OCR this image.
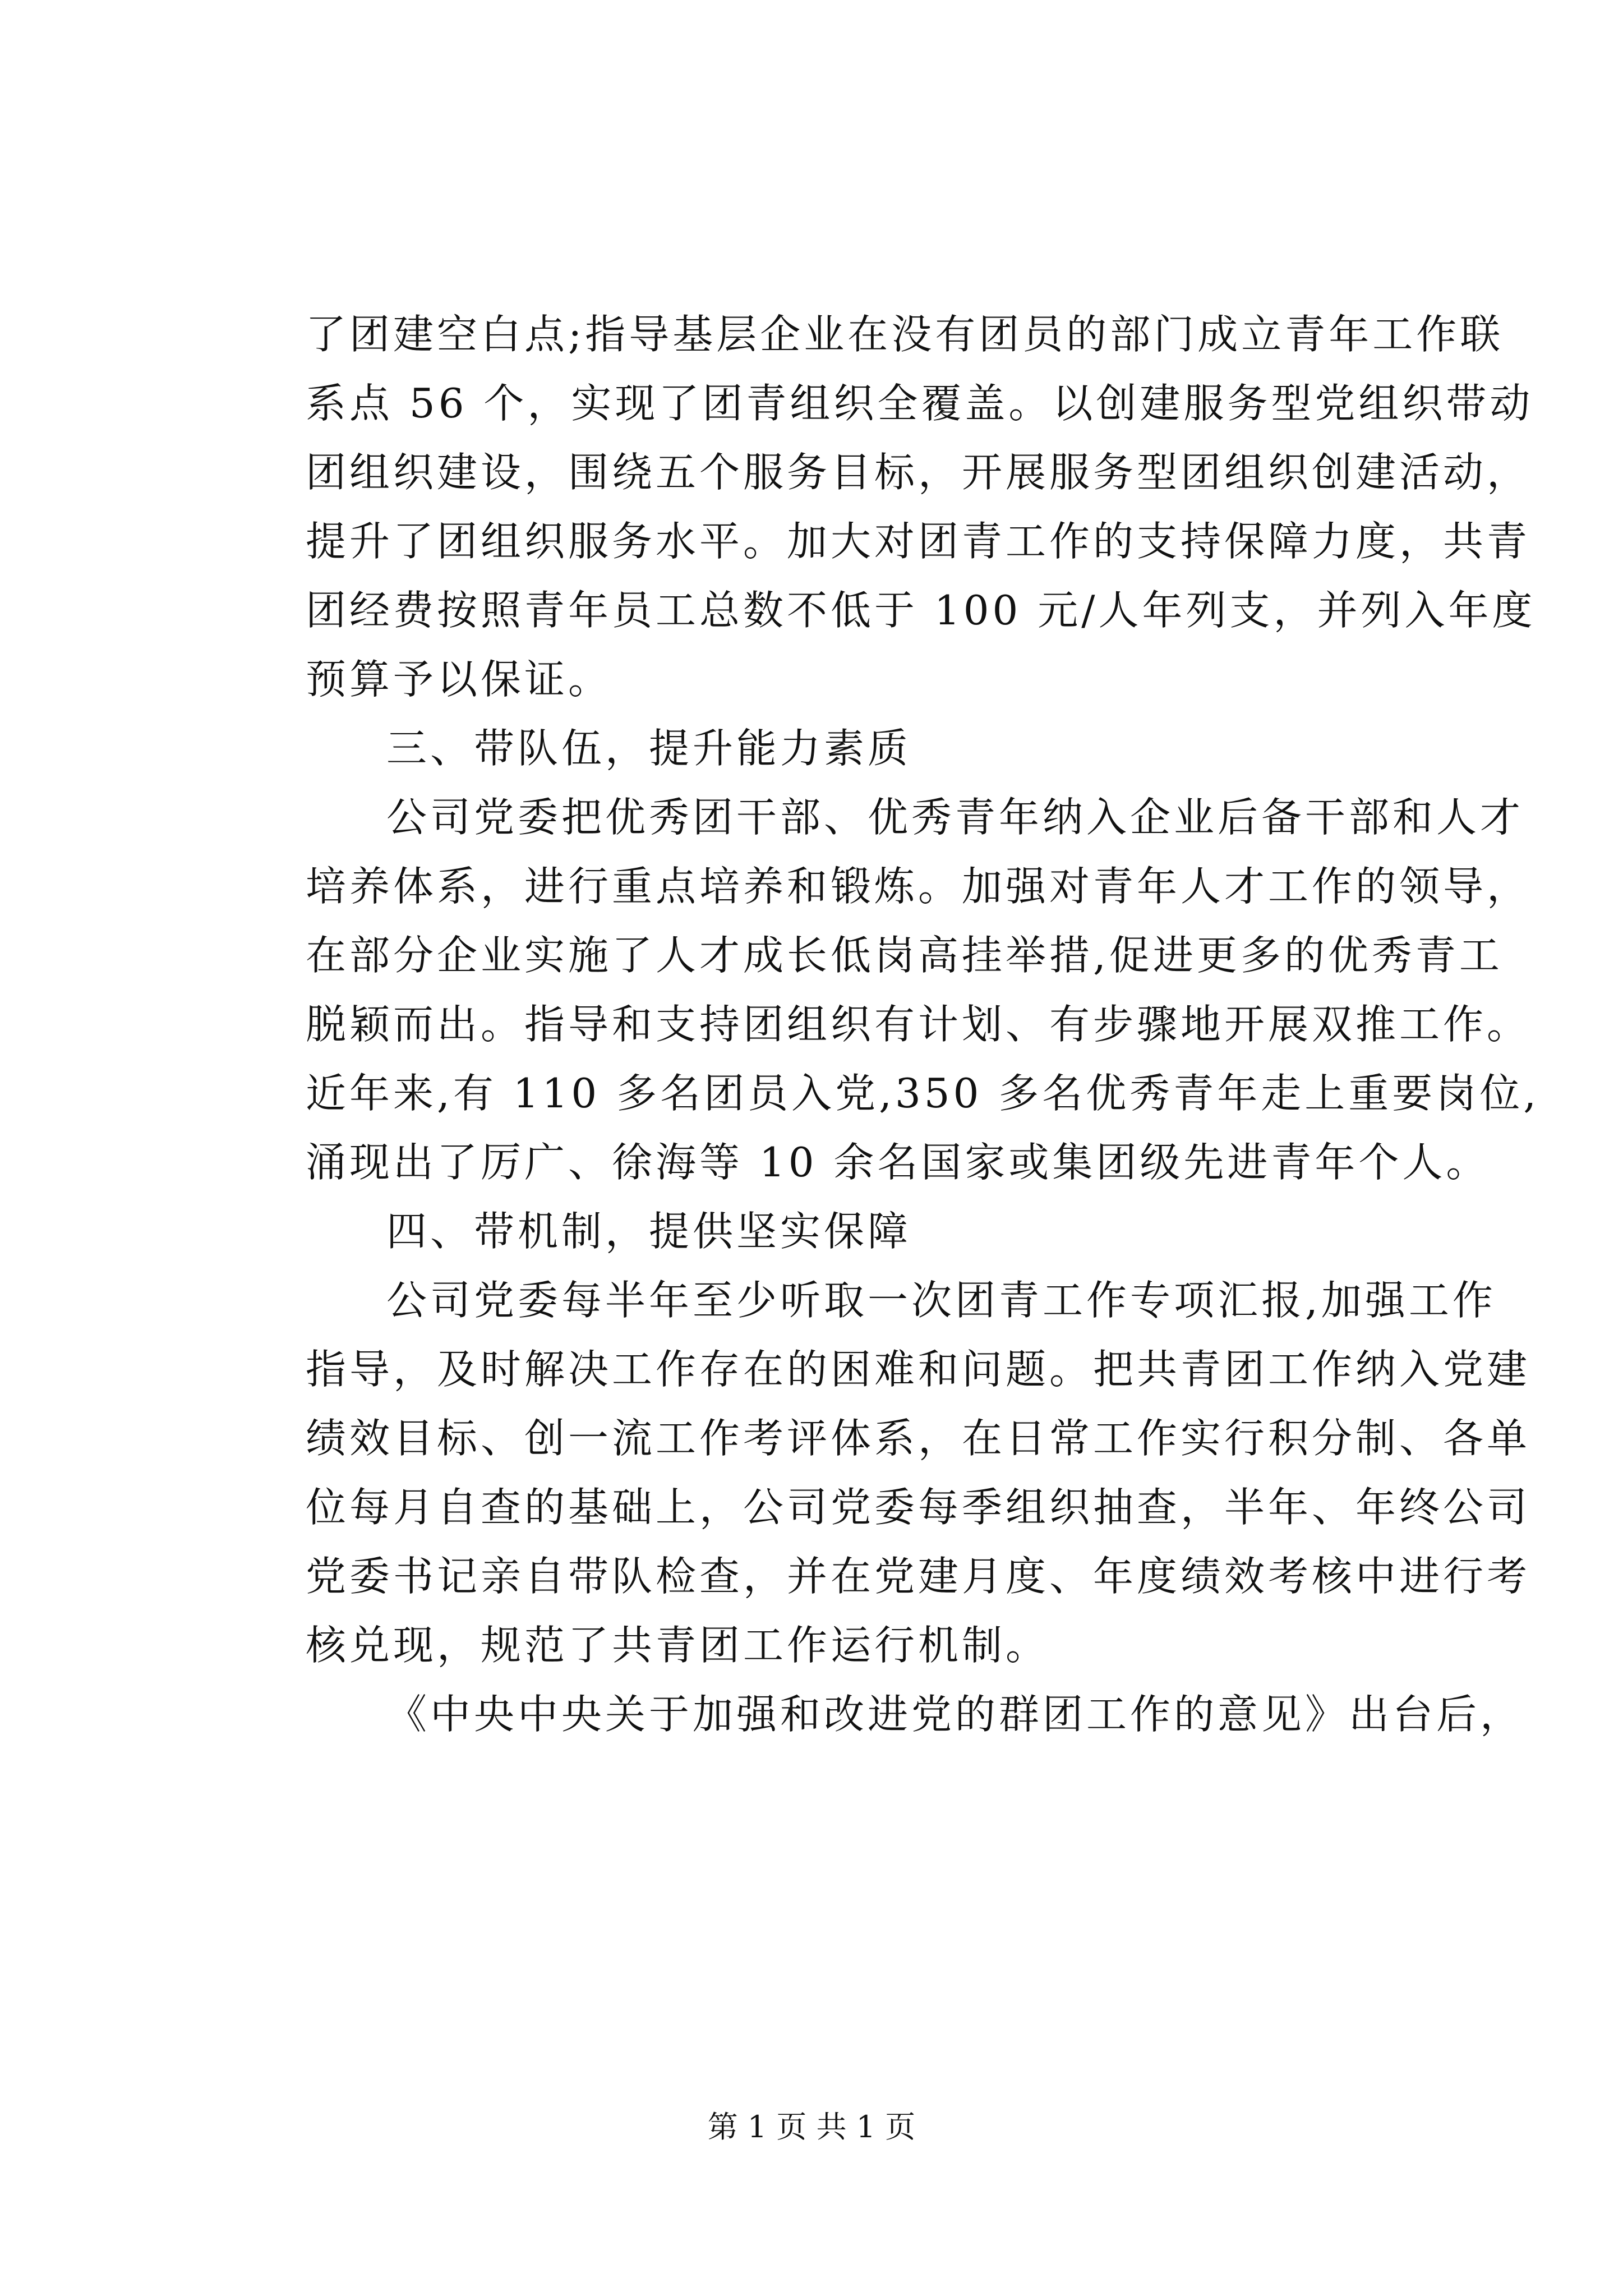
了团建空白点;指导基层企业在没有团员的部门成立青年工作联
系点 56 个，实现了团青组织全覆盖。以创建服务型党组织带动
团组织建设，围绕五个服务目标，开展服务型团组织创建活动，
提升了团组织服务水平。加大对团青工作的支持保障力度，共青
团经费按照青年员工总数不低于 100 元/人年列支，并列入年度
预算予以保证。
三、带队伍，提升能力素质
公司党委把优秀团干部、优秀青年纳入企业后备干部和人才
培养体系，进行重点培养和锻炼。加强对青年人才工作的领导，
在部分企业实施了人才成长低岗高挂举措,促进更多的优秀青工
脱颖而出。指导和支持团组织有计划、有步骤地开展双推工作。
近年来,有 110 多名团员入党,350 多名优秀青年走上重要岗位,
涌现出了厉广、徐海等 10 余名国家或集团级先进青年个人。
四、带机制，提供坚实保障
公司党委每半年至少听取一次团青工作专项汇报,加强工作
指导，及时解决工作存在的困难和问题。把共青团工作纳入党建
绩效目标、创一流工作考评体系，在日常工作实行积分制、各单
位每月自查的基础上，公司党委每季组织抽查，半年、年终公司
党委书记亲自带队检查，并在党建月度、年度绩效考核中进行考
核兑现，规范了共青团工作运行机制。
《中央中央关于加强和改进党的群团工作的意见》出台后，
第 1 页 共 1 页
